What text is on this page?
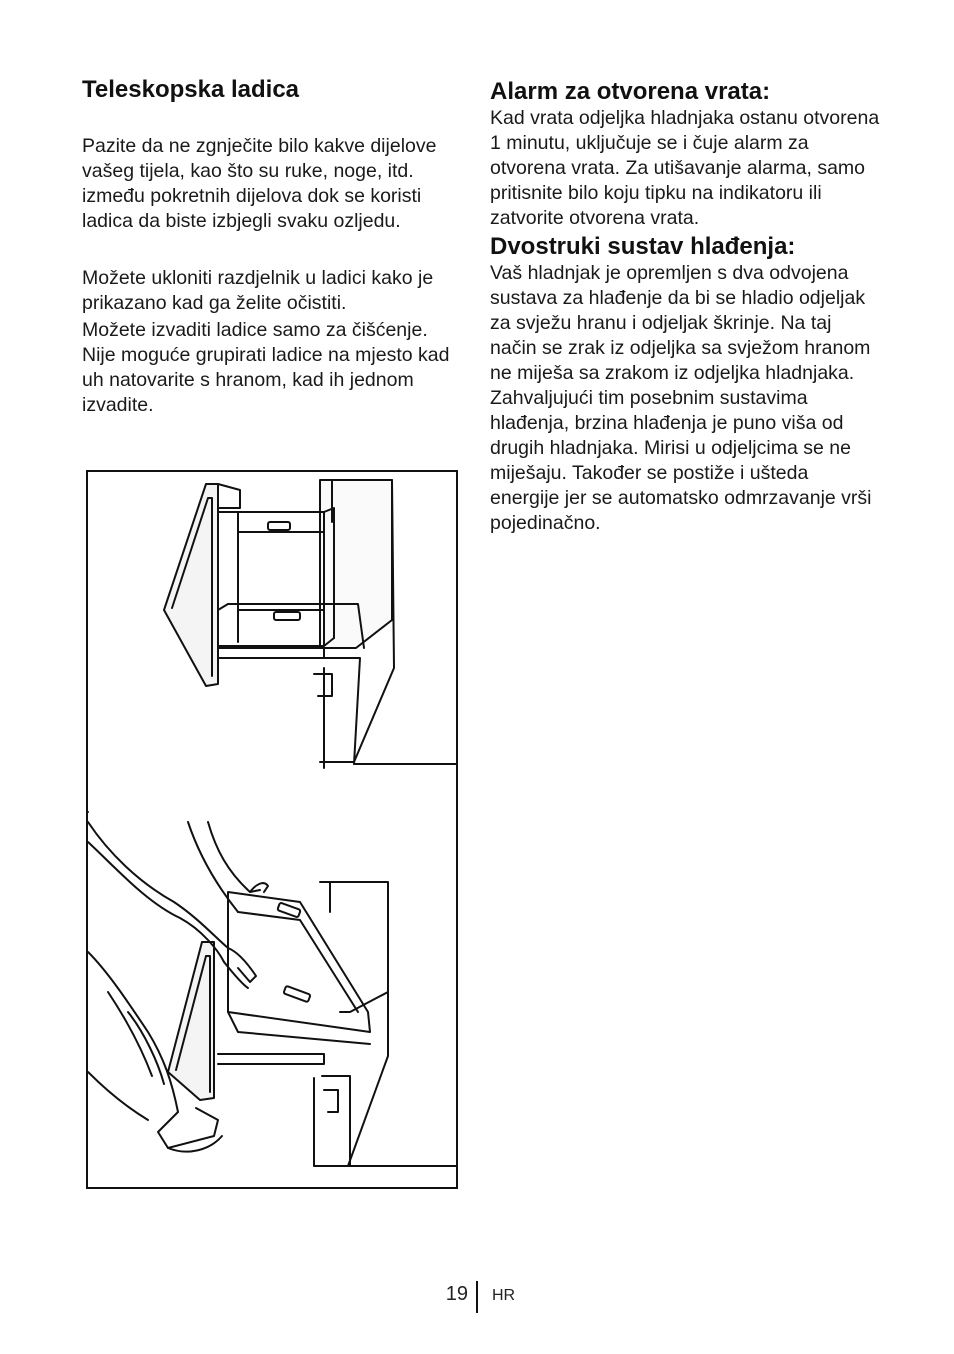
Teleskopska ladica

Pazite da ne zgnječite bilo kakve dijelove vašeg tijela, kao što su ruke, noge, itd. između pokretnih dijelova dok se koristi ladica da biste izbjegli svaku ozljedu.

Možete ukloniti razdjelnik u ladici kako je prikazano kad ga želite očistiti.

Možete izvaditi ladice samo za čišćenje. Nije moguće grupirati ladice na mjesto kad uh natovarite s hranom, kad ih jednom izvadite.

Alarm za otvorena vrata:

Kad vrata odjeljka hladnjaka ostanu otvorena 1 minutu, uključuje se i čuje alarm za otvorena vrata. Za utišavanje alarma, samo pritisnite bilo koju tipku na indikatoru ili zatvorite otvorena vrata.

Dvostruki sustav hlađenja:

Vaš hladnjak je opremljen s dva odvojena sustava za hlađenje da bi se hladio odjeljak za svježu hranu i odjeljak škrinje. Na taj način se zrak iz odjeljka sa svježom hranom ne miješa sa zrakom iz odjeljka hladnjaka. Zahvaljujući tim posebnim sustavima hlađenja, brzina hlađenja je puno viša od drugih hladnjaka. Mirisi u odjeljcima se ne miješaju. Također se postiže i ušteda energije jer se automatsko odmrzavanje vrši pojedinačno.

19 HR
